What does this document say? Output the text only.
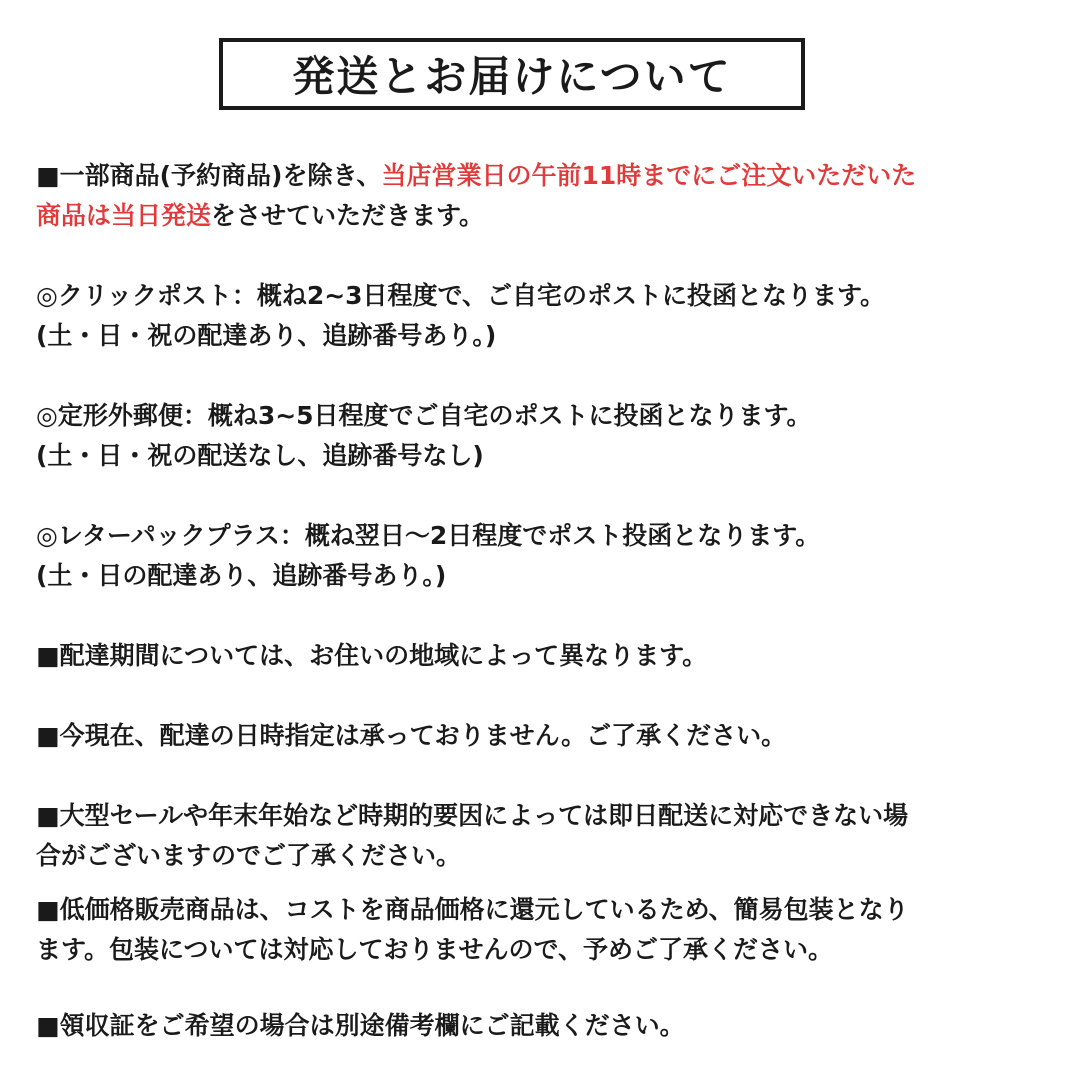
発送とお届けについて
■一部商品(予約商品)を除き、当店営業日の午前11時までにご注文いただいた
商品は当日発送をさせていただきます。
◎クリックポスト：概ね2~3日程度で、ご自宅のポストに投函となります。
(土・日・祝の配達あり、追跡番号あり。)
◎定形外郵便：概ね3~5日程度でご自宅のポストに投函となります。
(土・日・祝の配送なし、追跡番号なし)
◎レターパックプラス：概ね翌日〜2日程度でポスト投函となります。
(土・日の配達あり、追跡番号あり。)
■配達期間については、お住いの地域によって異なります。
■今現在、配達の日時指定は承っておりません。ご了承ください。
■大型セールや年末年始など時期的要因によっては即日配送に対応できない場
合がございますのでご了承ください。
■低価格販売商品は、コストを商品価格に還元しているため、簡易包装となり
ます。包装については対応しておりませんので、予めご了承ください。
■領収証をご希望の場合は別途備考欄にご記載ください。
